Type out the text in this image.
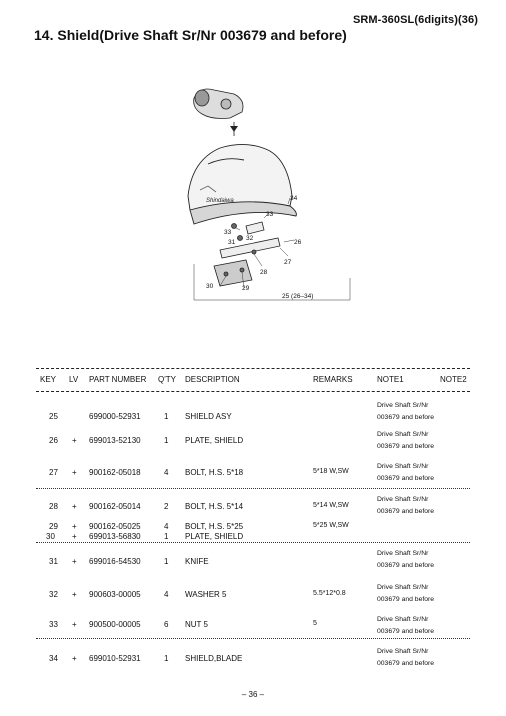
SRM-360SL(6digits)(36)
14. Shield(Drive Shaft Sr/Nr 003679 and before)
Shindaiwa	34
33
32
33
31	26
27
28
30	29
25 (26–34)
KEY LV PART NUMBER Q'TY DESCRIPTION	REMARKS	NOTE1	NOTE2
25	699000-52931	1 SHIELD ASY
Drive Shaft Sr/Nr
003679 and before
26 + 699013-52130	1 PLATE, SHIELD
Drive Shaft Sr/Nr
003679 and before
27 + 900162-05018	4 BOLT, H.S. 5*18	5*18 W,SW
Drive Shaft Sr/Nr
003679 and before
28 + 900162-05014	2 BOLT, H.S. 5*14	5*14 W,SW
Drive Shaft Sr/Nr
003679 and before
29 + 900162-05025	4 BOLT, H.S. 5*25	5*25 W,SW
30 + 699013-56830	1 PLATE, SHIELD
31 + 699016-54530	1 KNIFE
Drive Shaft Sr/Nr
003679 and before
32 + 900603-00005	4 WASHER 5	5.5*12*0.8
Drive Shaft Sr/Nr
003679 and before
33 + 900500-00005	6 NUT 5	5
Drive Shaft Sr/Nr
003679 and before
34 + 699010-52931	1 SHIELD,BLADE
Drive Shaft Sr/Nr
003679 and before
– 36 –
